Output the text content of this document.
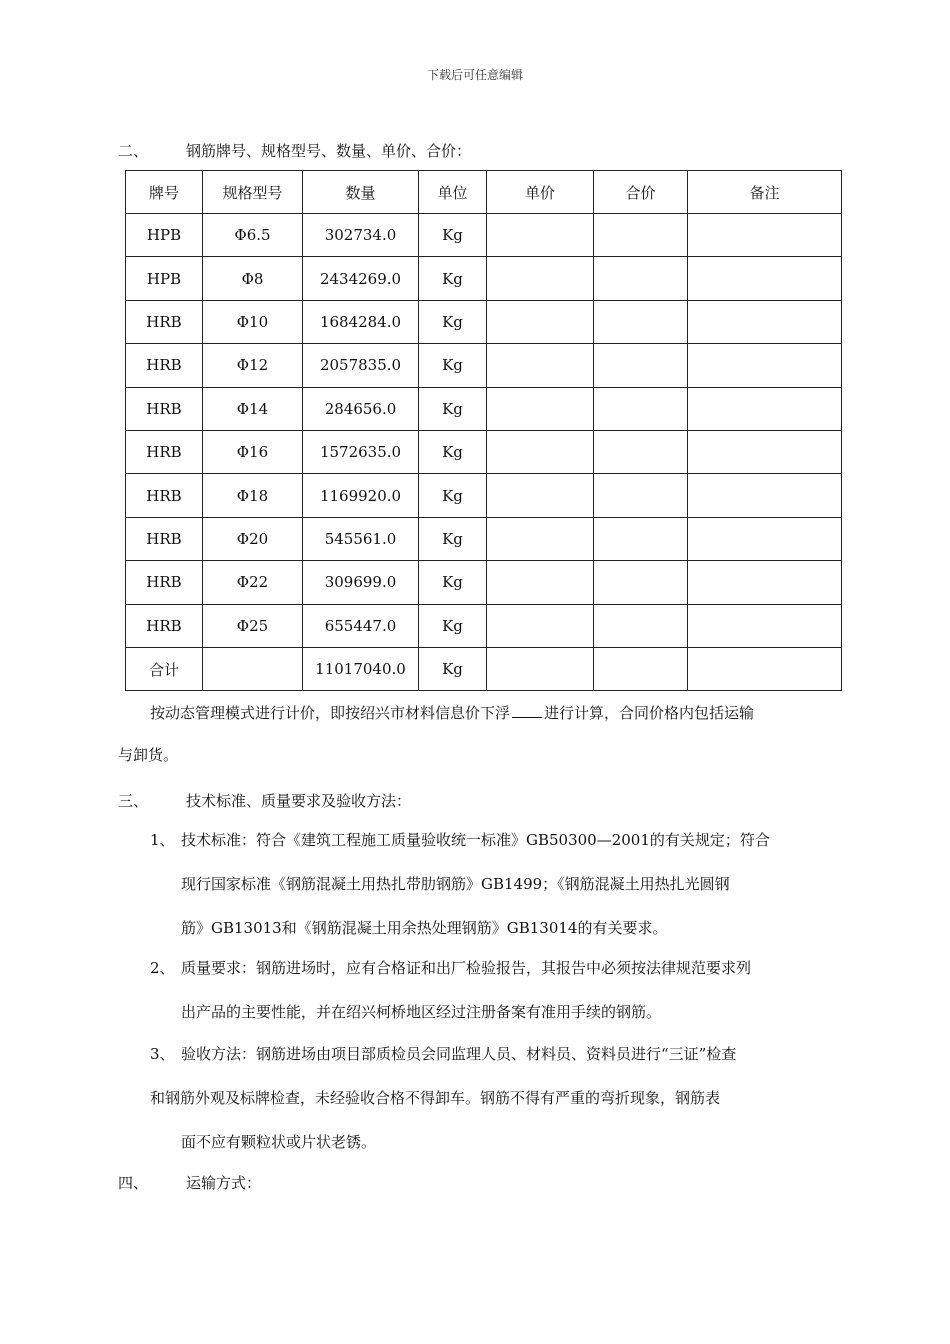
下载后可任意编辑
二、	钢筋牌号、规格型号、数量、单价、合价：
牌号	规格型号	数量	单位	单价	合价	备注
HPB	Φ6.5	302734.0	Kg			
HPB	Φ8	2434269.0	Kg			
HRB	Φ10	1684284.0	Kg			
HRB	Φ12	2057835.0	Kg			
HRB	Φ14	284656.0	Kg			
HRB	Φ16	1572635.0	Kg			
HRB	Φ18	1169920.0	Kg			
HRB	Φ20	545561.0	Kg			
HRB	Φ22	309699.0	Kg			
HRB	Φ25	655447.0	Kg			
合计		11017040.0	Kg			
按动态管理模式进行计价，即按绍兴市材料信息价下浮 进行计算，合同价格内包括运输
与卸货。
三、	技术标准、质量要求及验收方法：
1、 技术标准：符合《建筑工程施工质量验收统一标准》GB50300—2001的有关规定；符合
现行国家标准《钢筋混凝土用热扎带肋钢筋》GB1499；《钢筋混凝土用热扎光圆钢
筋》GB13013和《钢筋混凝土用余热处理钢筋》GB13014的有关要求。
2、 质量要求：钢筋进场时，应有合格证和出厂检验报告，其报告中必须按法律规范要求列
出产品的主要性能，并在绍兴柯桥地区经过注册备案有准用手续的钢筋。
3、 验收方法：钢筋进场由项目部质检员会同监理人员、材料员、资料员进行“三证”检查
和钢筋外观及标牌检查，未经验收合格不得卸车。钢筋不得有严重的弯折现象，钢筋表
面不应有颗粒状或片状老锈。
四、	运输方式：
